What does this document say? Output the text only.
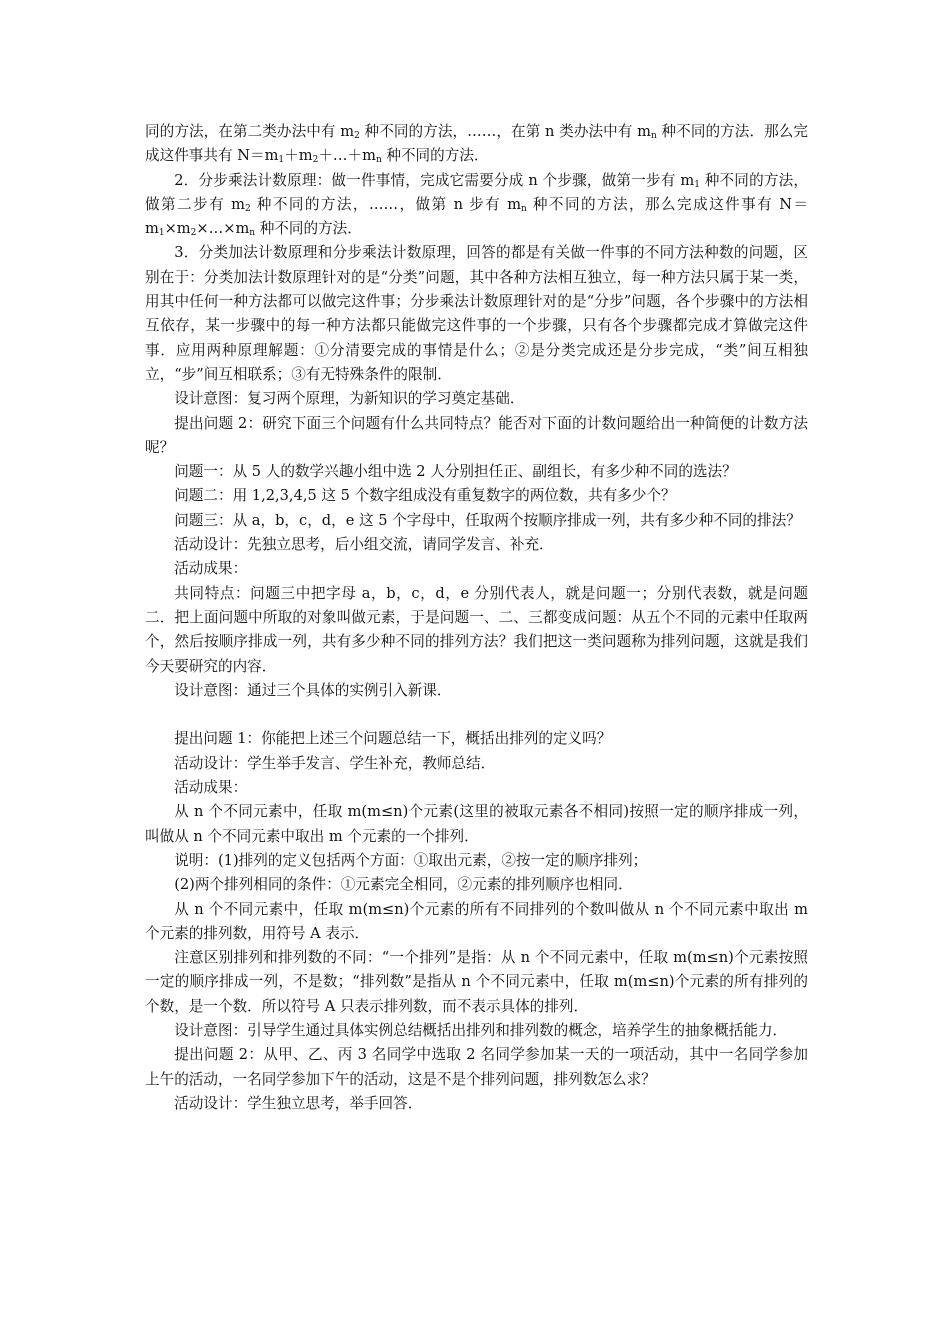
同的方法，在第二类办法中有 $m_2$ 种不同的方法，……，在第 n 类办法中有 $m_n$ 种不同的方法．那么完成这件事共有 $N=m_1+m_2+\dots+m_n$ 种不同的方法．

2．分步乘法计数原理：做一件事情，完成它需要分成 n 个步骤，做第一步有 $m_1$ 种不同的方法，做第二步有 $m_2$ 种不同的方法，……，做第 n 步有 $m_n$ 种不同的方法，那么完成这件事有 $N=m_1\times m_2\times\dots\times m_n$ 种不同的方法．

3．分类加法计数原理和分步乘法计数原理，回答的都是有关做一件事的不同方法种数的问题，区别在于：分类加法计数原理针对的是“分类”问题，其中各种方法相互独立，每一种方法只属于某一类，用其中任何一种方法都可以做完这件事；分步乘法计数原理针对的是“分步”问题，各个步骤中的方法相互依存，某一步骤中的每一种方法都只能做完这件事的一个步骤，只有各个步骤都完成才算做完这件事．应用两种原理解题：①分清要完成的事情是什么；②是分类完成还是分步完成，“类”间互相独立，“步”间互相联系；③有无特殊条件的限制．

设计意图：复习两个原理，为新知识的学习奠定基础．

提出问题 2：研究下面三个问题有什么共同特点？能否对下面的计数问题给出一种简便的计数方法呢？

问题一：从 5 人的数学兴趣小组中选 2 人分别担任正、副组长，有多少种不同的选法？

问题二：用 1,2,3,4,5 这 5 个数字组成没有重复数字的两位数，共有多少个？

问题三：从 a，b，c，d，e 这 5 个字母中，任取两个按顺序排成一列，共有多少种不同的排法？

活动设计：先独立思考，后小组交流，请同学发言、补充．

活动成果：

共同特点：问题三中把字母 a，b，c，d，e 分别代表人，就是问题一；分别代表数，就是问题二．把上面问题中所取的对象叫做元素，于是问题一、二、三都变成问题：从五个不同的元素中任取两个，然后按顺序排成一列，共有多少种不同的排列方法？我们把这一类问题称为排列问题，这就是我们今天要研究的内容．

设计意图：通过三个具体的实例引入新课．

提出问题 1：你能把上述三个问题总结一下，概括出排列的定义吗？

活动设计：学生举手发言、学生补充，教师总结．

活动成果：

从 n 个不同元素中，任取 m(m≤n)个元素(这里的被取元素各不相同)按照一定的顺序排成一列，叫做从 n 个不同元素中取出 m 个元素的一个排列．

说明：(1)排列的定义包括两个方面：①取出元素，②按一定的顺序排列；

(2)两个排列相同的条件：①元素完全相同，②元素的排列顺序也相同．

从 n 个不同元素中，任取 m(m≤n)个元素的所有不同排列的个数叫做从 n 个不同元素中取出 m 个元素的排列数，用符号 A 表示．

注意区别排列和排列数的不同：“一个排列”是指：从 n 个不同元素中，任取 m(m≤n)个元素按照一定的顺序排成一列，不是数；“排列数”是指从 n 个不同元素中，任取 m(m≤n)个元素的所有排列的个数，是一个数．所以符号 A 只表示排列数，而不表示具体的排列．

设计意图：引导学生通过具体实例总结概括出排列和排列数的概念，培养学生的抽象概括能力．

提出问题 2：从甲、乙、丙 3 名同学中选取 2 名同学参加某一天的一项活动，其中一名同学参加上午的活动，一名同学参加下午的活动，这是不是个排列问题，排列数怎么求？

活动设计：学生独立思考，举手回答．
